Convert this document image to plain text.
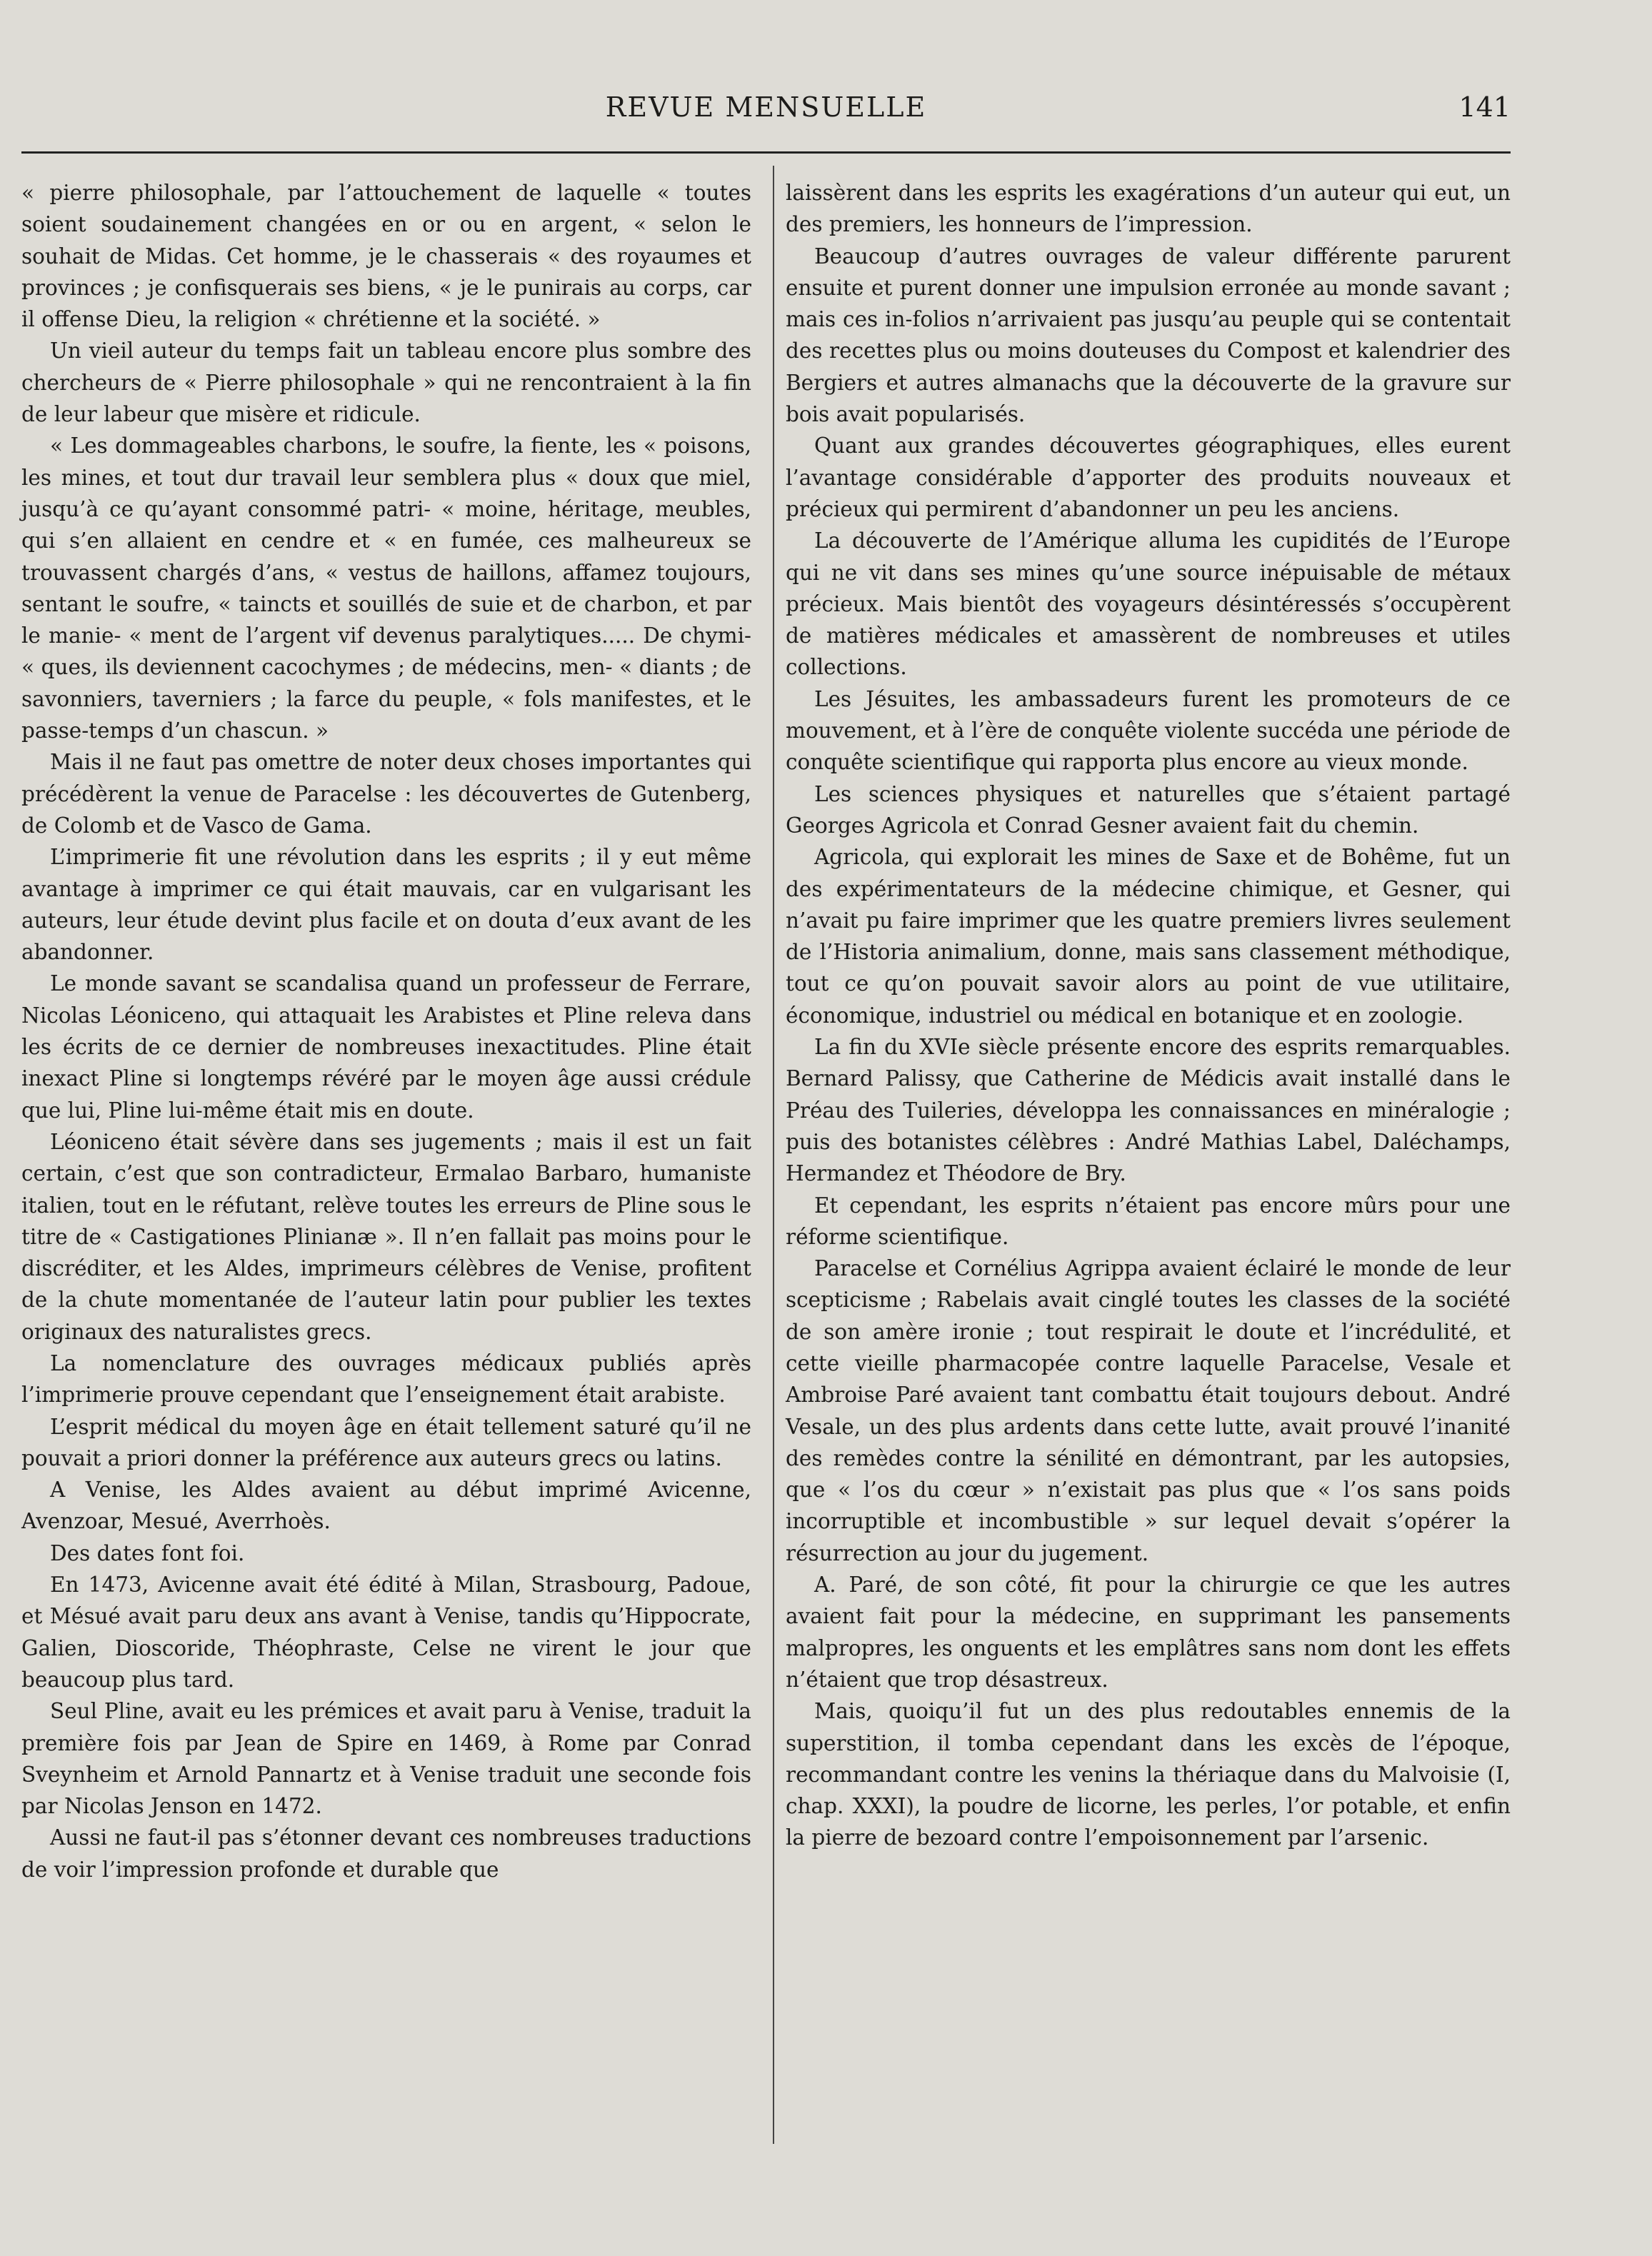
REVUE MENSUELLE	141

« pierre philosophale, par l’attouchement de laquelle « toutes soient soudainement changées en or ou en argent, « selon le souhait de Midas. Cet homme, je le chasserais « des royaumes et provinces ; je confisquerais ses biens, « je le punirais au corps, car il offense Dieu, la religion « chrétienne et la société. »

Un vieil auteur du temps fait un tableau encore plus sombre des chercheurs de « Pierre philosophale » qui ne rencontraient à la fin de leur labeur que misère et ridicule.

« Les dommageables charbons, le soufre, la fiente, les « poisons, les mines, et tout dur travail leur semblera plus « doux que miel, jusqu’à ce qu’ayant consommé patri- « moine, héritage, meubles, qui s’en allaient en cendre et « en fumée, ces malheureux se trouvassent chargés d’ans, « vestus de haillons, affamez toujours, sentant le soufre, « taincts et souillés de suie et de charbon, et par le manie- « ment de l’argent vif devenus paralytiques..... De chymi- « ques, ils deviennent cacochymes ; de médecins, men- « diants ; de savonniers, taverniers ; la farce du peuple, « fols manifestes, et le passe-temps d’un chascun. »

Mais il ne faut pas omettre de noter deux choses importantes qui précédèrent la venue de Paracelse : les découvertes de Gutenberg, de Colomb et de Vasco de Gama.

L’imprimerie fit une révolution dans les esprits ; il y eut même avantage à imprimer ce qui était mauvais, car en vulgarisant les auteurs, leur étude devint plus facile et on douta d’eux avant de les abandonner.

Le monde savant se scandalisa quand un professeur de Ferrare, Nicolas Léoniceno, qui attaquait les Arabistes et Pline releva dans les écrits de ce dernier de nombreuses inexactitudes. Pline était inexact Pline si longtemps révéré par le moyen âge aussi crédule que lui, Pline lui-même était mis en doute.

Léoniceno était sévère dans ses jugements ; mais il est un fait certain, c’est que son contradicteur, Ermalao Barbaro, humaniste italien, tout en le réfutant, relève toutes les erreurs de Pline sous le titre de « Castigationes Plinianæ ». Il n’en fallait pas moins pour le discréditer, et les Aldes, imprimeurs célèbres de Venise, profitent de la chute momentanée de l’auteur latin pour publier les textes originaux des naturalistes grecs.

La nomenclature des ouvrages médicaux publiés après l’imprimerie prouve cependant que l’enseignement était arabiste.

L’esprit médical du moyen âge en était tellement saturé qu’il ne pouvait a priori donner la préférence aux auteurs grecs ou latins.

A Venise, les Aldes avaient au début imprimé Avicenne, Avenzoar, Mesué, Averrhoès.

Des dates font foi.

En 1473, Avicenne avait été édité à Milan, Strasbourg, Padoue, et Mésué avait paru deux ans avant à Venise, tandis qu’Hippocrate, Galien, Dioscoride, Théophraste, Celse ne virent le jour que beaucoup plus tard.

Seul Pline, avait eu les prémices et avait paru à Venise, traduit la première fois par Jean de Spire en 1469, à Rome par Conrad Sveynheim et Arnold Pannartz et à Venise traduit une seconde fois par Nicolas Jenson en 1472.

Aussi ne faut-il pas s’étonner devant ces nombreuses traductions de voir l’impression profonde et durable que

laissèrent dans les esprits les exagérations d’un auteur qui eut, un des premiers, les honneurs de l’impression.

Beaucoup d’autres ouvrages de valeur différente parurent ensuite et purent donner une impulsion erronée au monde savant ; mais ces in-folios n’arrivaient pas jusqu’au peuple qui se contentait des recettes plus ou moins douteuses du Compost et kalendrier des Bergiers et autres almanachs que la découverte de la gravure sur bois avait popularisés.

Quant aux grandes découvertes géographiques, elles eurent l’avantage considérable d’apporter des produits nouveaux et précieux qui permirent d’abandonner un peu les anciens.

La découverte de l’Amérique alluma les cupidités de l’Europe qui ne vit dans ses mines qu’une source inépuisable de métaux précieux. Mais bientôt des voyageurs désintéressés s’occupèrent de matières médicales et amassèrent de nombreuses et utiles collections.

Les Jésuites, les ambassadeurs furent les promoteurs de ce mouvement, et à l’ère de conquête violente succéda une période de conquête scientifique qui rapporta plus encore au vieux monde.

Les sciences physiques et naturelles que s’étaient partagé Georges Agricola et Conrad Gesner avaient fait du chemin.

Agricola, qui explorait les mines de Saxe et de Bohême, fut un des expérimentateurs de la médecine chimique, et Gesner, qui n’avait pu faire imprimer que les quatre premiers livres seulement de l’Historia animalium, donne, mais sans classement méthodique, tout ce qu’on pouvait savoir alors au point de vue utilitaire, économique, industriel ou médical en botanique et en zoologie.

La fin du XVIe siècle présente encore des esprits remarquables. Bernard Palissy, que Catherine de Médicis avait installé dans le Préau des Tuileries, développa les connaissances en minéralogie ; puis des botanistes célèbres : André Mathias Label, Daléchamps, Hermandez et Théodore de Bry.

Et cependant, les esprits n’étaient pas encore mûrs pour une réforme scientifique.

Paracelse et Cornélius Agrippa avaient éclairé le monde de leur scepticisme ; Rabelais avait cinglé toutes les classes de la société de son amère ironie ; tout respirait le doute et l’incrédulité, et cette vieille pharmacopée contre laquelle Paracelse, Vesale et Ambroise Paré avaient tant combattu était toujours debout. André Vesale, un des plus ardents dans cette lutte, avait prouvé l’inanité des remèdes contre la sénilité en démontrant, par les autopsies, que « l’os du cœur » n’existait pas plus que « l’os sans poids incorruptible et incombustible » sur lequel devait s’opérer la résurrection au jour du jugement.

A. Paré, de son côté, fit pour la chirurgie ce que les autres avaient fait pour la médecine, en supprimant les pansements malpropres, les onguents et les emplâtres sans nom dont les effets n’étaient que trop désastreux.

Mais, quoiqu’il fut un des plus redoutables ennemis de la superstition, il tomba cependant dans les excès de l’époque, recommandant contre les venins la thériaque dans du Malvoisie (I, chap. XXXI), la poudre de licorne, les perles, l’or potable, et enfin la pierre de bezoard contre l’empoisonnement par l’arsenic.
